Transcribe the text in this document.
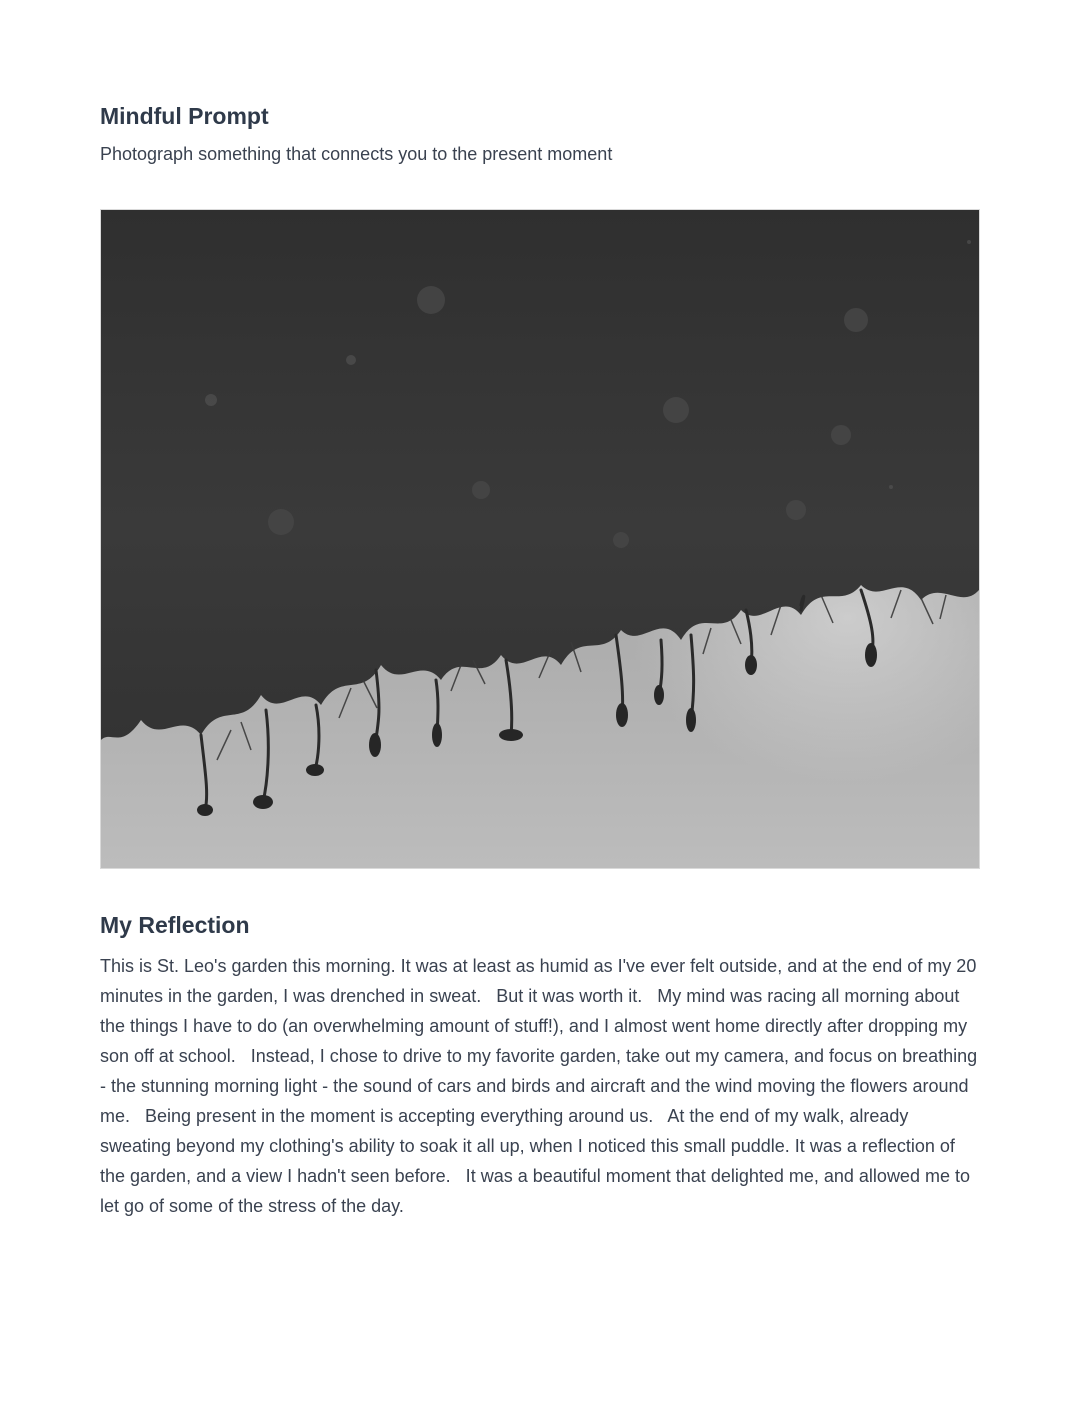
Mindful Prompt

Photograph something that connects you to the present moment

My Reflection

This is St. Leo's garden this morning. It was at least as humid as I've ever felt outside, and at the end of my 20 minutes in the garden, I was drenched in sweat.   But it was worth it.   My mind was racing all morning about the things I have to do (an overwhelming amount of stuff!), and I almost went home directly after dropping my son off at school.   Instead, I chose to drive to my favorite garden, take out my camera, and focus on breathing - the stunning morning light - the sound of cars and birds and aircraft and the wind moving the flowers around me.   Being present in the moment is accepting everything around us.   At the end of my walk, already sweating beyond my clothing's ability to soak it all up, when I noticed this small puddle. It was a reflection of the garden, and a view I hadn't seen before.   It was a beautiful moment that delighted me, and allowed me to let go of some of the stress of the day.
